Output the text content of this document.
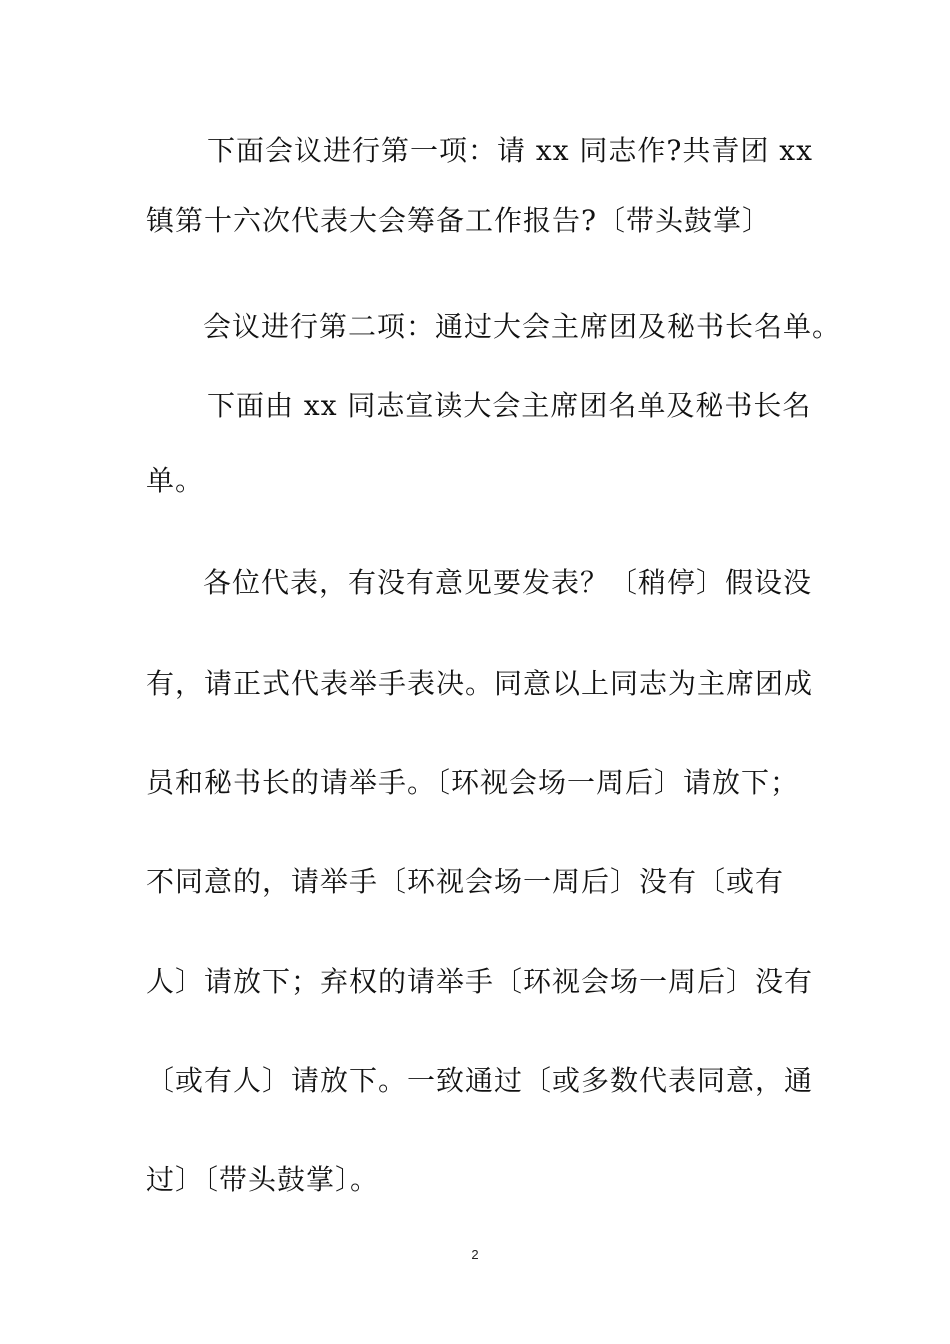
下面会议进行第一项：请 xx 同志作?共青团 xx
镇第十六次代表大会筹备工作报告?〔带头鼓掌〕
会议进行第二项：通过大会主席团及秘书长名单。
下面由 xx 同志宣读大会主席团名单及秘书长名
单。
各位代表，有没有意见要发表？〔稍停〕假设没
有，请正式代表举手表决。同意以上同志为主席团成
员和秘书长的请举手。〔环视会场一周后〕请放下；
不同意的，请举手〔环视会场一周后〕没有〔或有
人〕请放下；弃权的请举手〔环视会场一周后〕没有
〔或有人〕请放下。一致通过〔或多数代表同意，通
过〕〔带头鼓掌〕。
2
